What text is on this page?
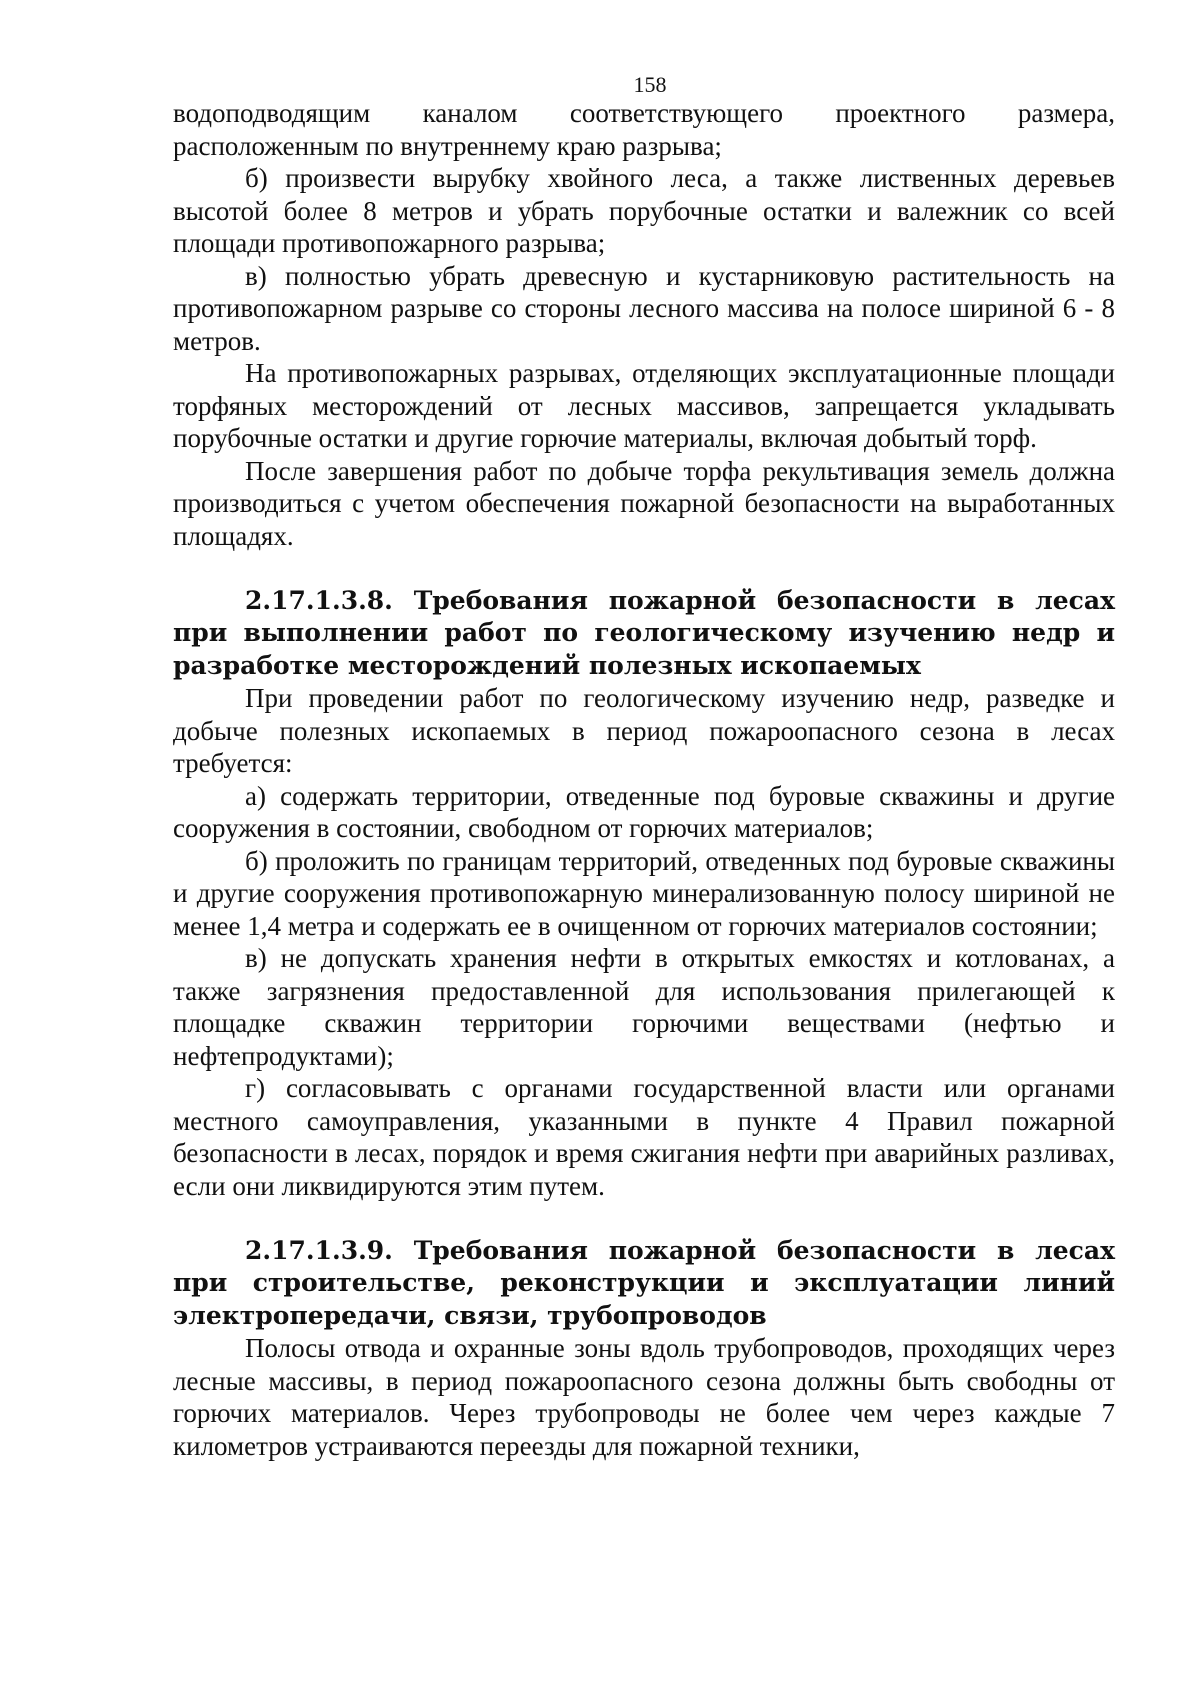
158

водоподводящим каналом соответствующего проектного размера, расположенным по внутреннему краю разрыва;

б) произвести вырубку хвойного леса, а также лиственных деревьев высотой более 8 метров и убрать порубочные остатки и валежник со всей площади противопожарного разрыва;

в) полностью убрать древесную и кустарниковую растительность на противопожарном разрыве со стороны лесного массива на полосе шириной 6 - 8 метров.

На противопожарных разрывах, отделяющих эксплуатационные площади торфяных месторождений от лесных массивов, запрещается укладывать порубочные остатки и другие горючие материалы, включая добытый торф.

После завершения работ по добыче торфа рекультивация земель должна производиться с учетом обеспечения пожарной безопасности на выработанных площадях.

2.17.1.3.8. Требования пожарной безопасности в лесах при выполнении работ по геологическому изучению недр и разработке месторождений полезных ископаемых

При проведении работ по геологическому изучению недр, разведке и добыче полезных ископаемых в период пожароопасного сезона в лесах требуется:

а) содержать территории, отведенные под буровые скважины и другие сооружения в состоянии, свободном от горючих материалов;

б) проложить по границам территорий, отведенных под буровые скважины и другие сооружения противопожарную минерализованную полосу шириной не менее 1,4 метра и содержать ее в очищенном от горючих материалов состоянии;

в) не допускать хранения нефти в открытых емкостях и котлованах, а также загрязнения предоставленной для использования прилегающей к площадке скважин территории горючими веществами (нефтью и нефтепродуктами);

г) согласовывать с органами государственной власти или органами местного самоуправления, указанными в пункте 4 Правил пожарной безопасности в лесах, порядок и время сжигания нефти при аварийных разливах, если они ликвидируются этим путем.

2.17.1.3.9. Требования пожарной безопасности в лесах при строительстве, реконструкции и эксплуатации линий электропередачи, связи, трубопроводов

Полосы отвода и охранные зоны вдоль трубопроводов, проходящих через лесные массивы, в период пожароопасного сезона должны быть свободны от горючих материалов. Через трубопроводы не более чем через каждые 7 километров устраиваются переезды для пожарной техники,
